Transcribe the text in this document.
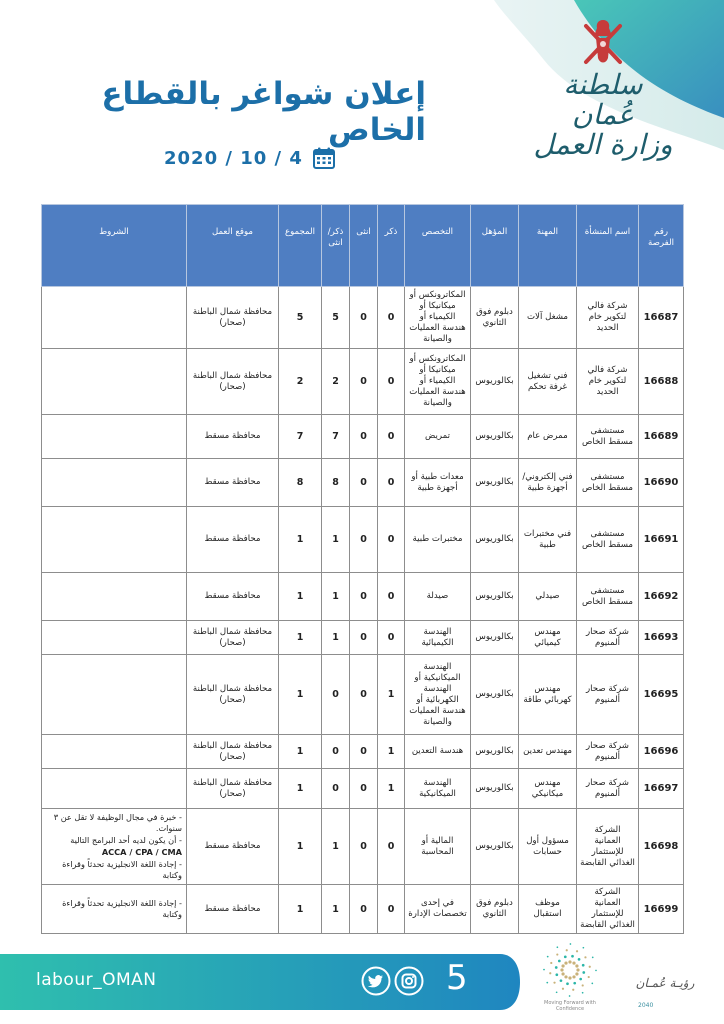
سلطنة عُمان
وزارة العمل
إعلان شواغر بالقطاع الخاص
2020 / 10 / 4
رقم الفرصة	اسم المنشأة	المهنة	المؤهل	التخصص	ذكر	انثى	ذكر/ انثى	المجموع	موقع العمل	الشروط
16687	شركة فالي لتكوير خام الحديد	مشغل آلات	دبلوم فوق الثانوي	المكاترونكس أو ميكانيكا أو الكيمياء أو هندسة العمليات والصيانة	0	0	5	5	محافظة شمال الباطنة (صحار)	
16688	شركة فالي لتكوير خام الحديد	فني تشغيل غرفة تحكم	بكالوريوس	المكاترونكس أو ميكانيكا أو الكيمياء أو هندسة العمليات والصيانة	0	0	2	2	محافظة شمال الباطنة (صحار)	
16689	مستشفى مسقط الخاص	ممرض عام	بكالوريوس	تمريض	0	0	7	7	محافظة مسقط	
16690	مستشفى مسقط الخاص	فني إلكتروني/ أجهزة طبية	بكالوريوس	معدات طبية أو أجهزة طبية	0	0	8	8	محافظة مسقط	
16691	مستشفى مسقط الخاص	فني مختبرات طبية	بكالوريوس	مختبرات طبية	0	0	1	1	محافظة مسقط	
16692	مستشفى مسقط الخاص	صيدلي	بكالوريوس	صيدلة	0	0	1	1	محافظة مسقط	
16693	شركة صحار ألمنيوم	مهندس كيميائي	بكالوريوس	الهندسة الكيميائية	0	0	1	1	محافظة شمال الباطنة (صحار)	
16695	شركة صحار ألمنيوم	مهندس كهربائي طاقة	بكالوريوس	الهندسة الميكانيكية أو الهندسة الكهربائية أو هندسة العمليات والصيانة	1	0	0	1	محافظة شمال الباطنة (صحار)	
16696	شركة صحار ألمنيوم	مهندس تعدين	بكالوريوس	هندسة التعدين	1	0	0	1	محافظة شمال الباطنة (صحار)	
16697	شركة صحار ألمنيوم	مهندس ميكانيكي	بكالوريوس	الهندسة الميكانيكية	1	0	0	1	محافظة شمال الباطنة (صحار)	
16698	الشركة العمانية للإستثمار الغذائي القابضة	مسؤول أول حسابات	بكالوريوس	المالية أو المحاسبة	0	0	1	1	محافظة مسقط	- خبرة في مجال الوظيفة لا تقل عن ٣ سنوات.
- أن يكون لديه أحد البرامج التالية
ACCA / CPA / CMA
- إجادة اللغة الانجليزية تحدثاً وقراءة وكتابة

16699	الشركة العمانية للإستثمار الغذائي القابضة	موظف استقبال	دبلوم فوق الثانوي	في إحدى تخصصات الإدارة	0	0	1	1	محافظة مسقط	- إجادة اللغة الانجليزية تحدثاً وقراءة وكتابة
labour_OMAN	5
Moving Forward with Confidence
رؤيـة عُمـان
2040
